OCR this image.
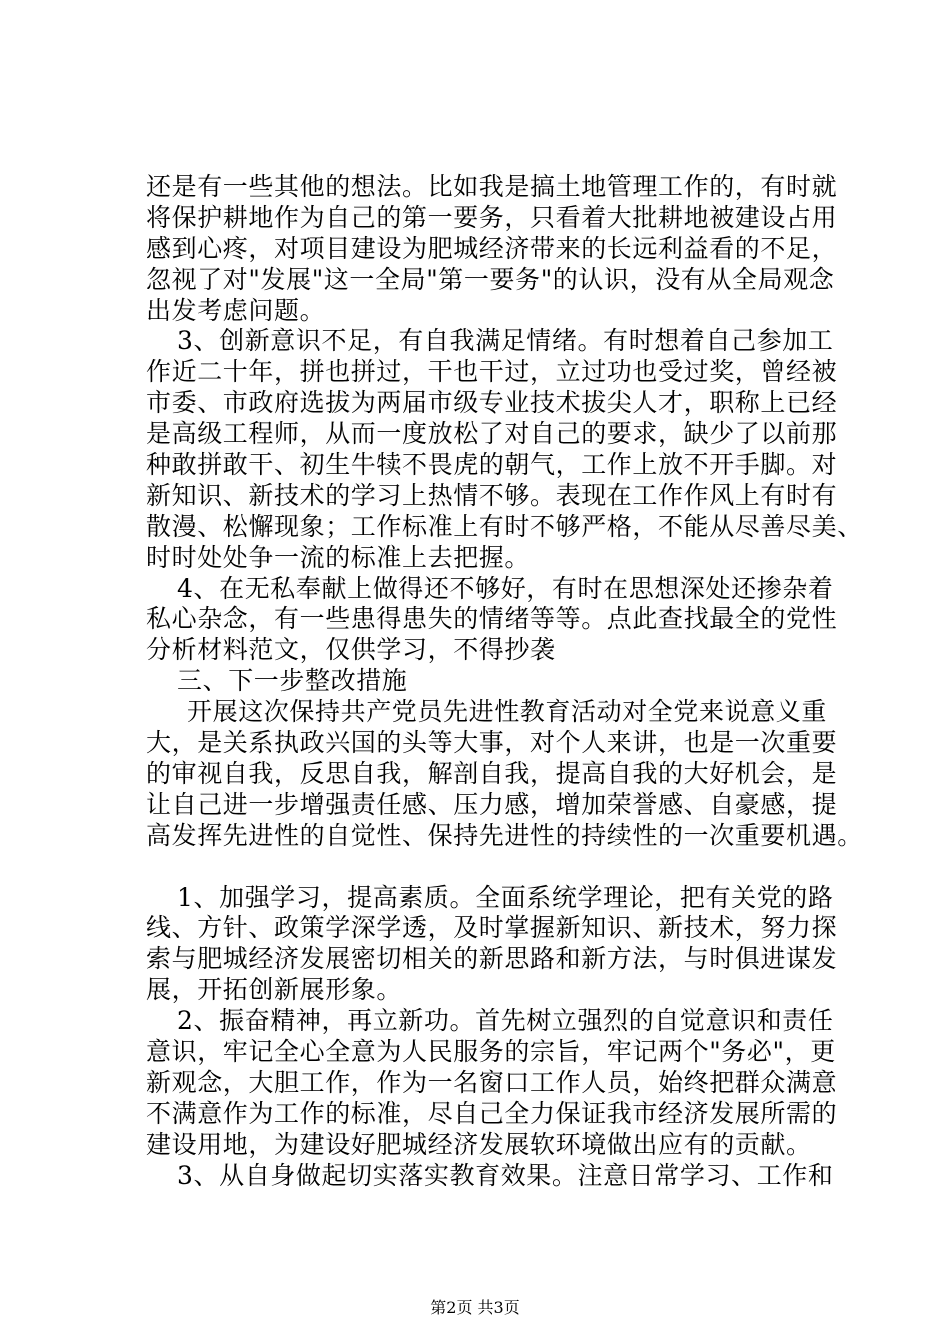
还是有一些其他的想法。比如我是搞土地管理工作的，有时就
将保护耕地作为自己的第一要务，只看着大批耕地被建设占用
感到心疼，对项目建设为肥城经济带来的长远利益看的不足，
忽视了对"发展"这一全局"第一要务"的认识，没有从全局观念
出发考虑问题。
3、创新意识不足，有自我满足情绪。有时想着自己参加工
作近二十年，拼也拼过，干也干过，立过功也受过奖，曾经被
市委、市政府选拔为两届市级专业技术拔尖人才，职称上已经
是高级工程师，从而一度放松了对自己的要求，缺少了以前那
种敢拼敢干、初生牛犊不畏虎的朝气，工作上放不开手脚。对
新知识、新技术的学习上热情不够。表现在工作作风上有时有
散漫、松懈现象；工作标准上有时不够严格，不能从尽善尽美、
时时处处争一流的标准上去把握。
4、在无私奉献上做得还不够好，有时在思想深处还掺杂着
私心杂念，有一些患得患失的情绪等等。点此查找最全的党性
分析材料范文，仅供学习，不得抄袭
三、下一步整改措施
开展这次保持共产党员先进性教育活动对全党来说意义重
大，是关系执政兴国的头等大事，对个人来讲，也是一次重要
的审视自我，反思自我，解剖自我，提高自我的大好机会，是
让自己进一步增强责任感、压力感，增加荣誉感、自豪感，提
高发挥先进性的自觉性、保持先进性的持续性的一次重要机遇。
1、加强学习，提高素质。全面系统学理论，把有关党的路
线、方针、政策学深学透，及时掌握新知识、新技术，努力探
索与肥城经济发展密切相关的新思路和新方法，与时俱进谋发
展，开拓创新展形象。
2、振奋精神，再立新功。首先树立强烈的自觉意识和责任
意识，牢记全心全意为人民服务的宗旨，牢记两个"务必"，更
新观念，大胆工作，作为一名窗口工作人员，始终把群众满意
不满意作为工作的标准，尽自己全力保证我市经济发展所需的
建设用地，为建设好肥城经济发展软环境做出应有的贡献。
3、从自身做起切实落实教育效果。注意日常学习、工作和
第2页 共3页
